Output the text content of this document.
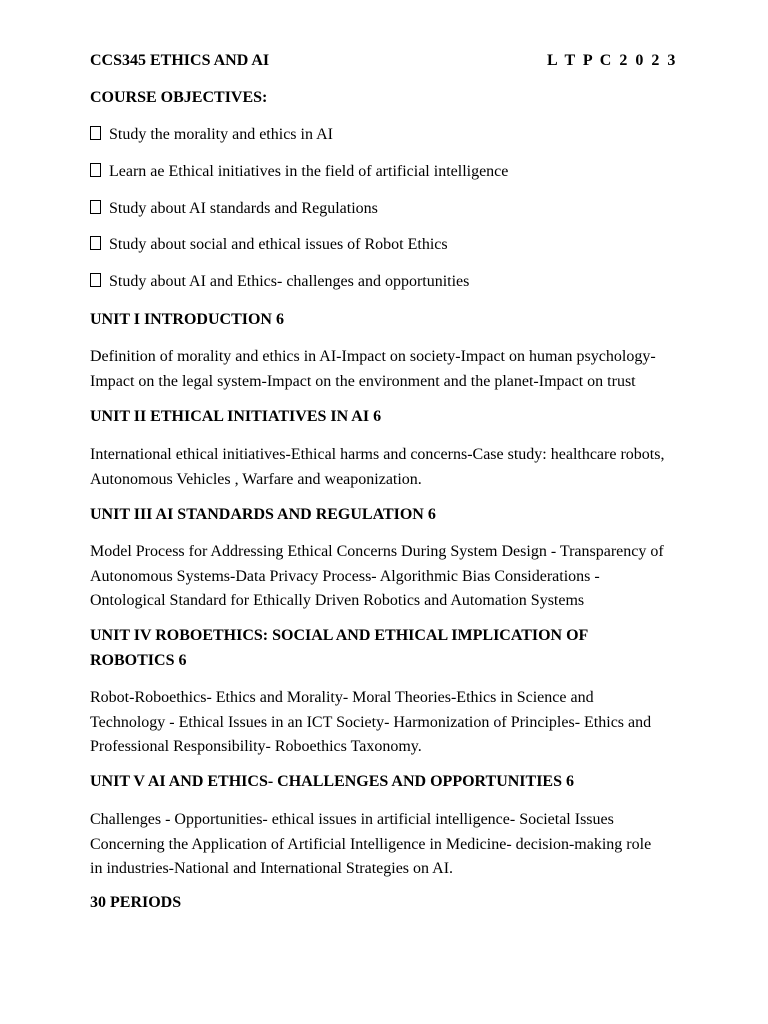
CCS345 ETHICS AND AI	L T P C 2 0 2 3
COURSE OBJECTIVES:
Study the morality and ethics in AI
Learn ae Ethical initiatives in the field of artificial intelligence
Study about AI standards and Regulations
Study about social and ethical issues of Robot Ethics
Study about AI and Ethics- challenges and opportunities
UNIT I INTRODUCTION 6
Definition of morality and ethics in AI-Impact on society-Impact on human psychology-
Impact on the legal system-Impact on the environment and the planet-Impact on trust
UNIT II ETHICAL INITIATIVES IN AI 6
International ethical initiatives-Ethical harms and concerns-Case study: healthcare robots,
Autonomous Vehicles , Warfare and weaponization.
UNIT III AI STANDARDS AND REGULATION 6
Model Process for Addressing Ethical Concerns During System Design - Transparency of
Autonomous Systems-Data Privacy Process- Algorithmic Bias Considerations -
Ontological Standard for Ethically Driven Robotics and Automation Systems
UNIT IV ROBOETHICS: SOCIAL AND ETHICAL IMPLICATION OF
ROBOTICS 6
Robot-Roboethics- Ethics and Morality- Moral Theories-Ethics in Science and
Technology - Ethical Issues in an ICT Society- Harmonization of Principles- Ethics and
Professional Responsibility- Roboethics Taxonomy.
UNIT V AI AND ETHICS- CHALLENGES AND OPPORTUNITIES 6
Challenges - Opportunities- ethical issues in artificial intelligence- Societal Issues
Concerning the Application of Artificial Intelligence in Medicine- decision-making role
in industries-National and International Strategies on AI.
30 PERIODS
